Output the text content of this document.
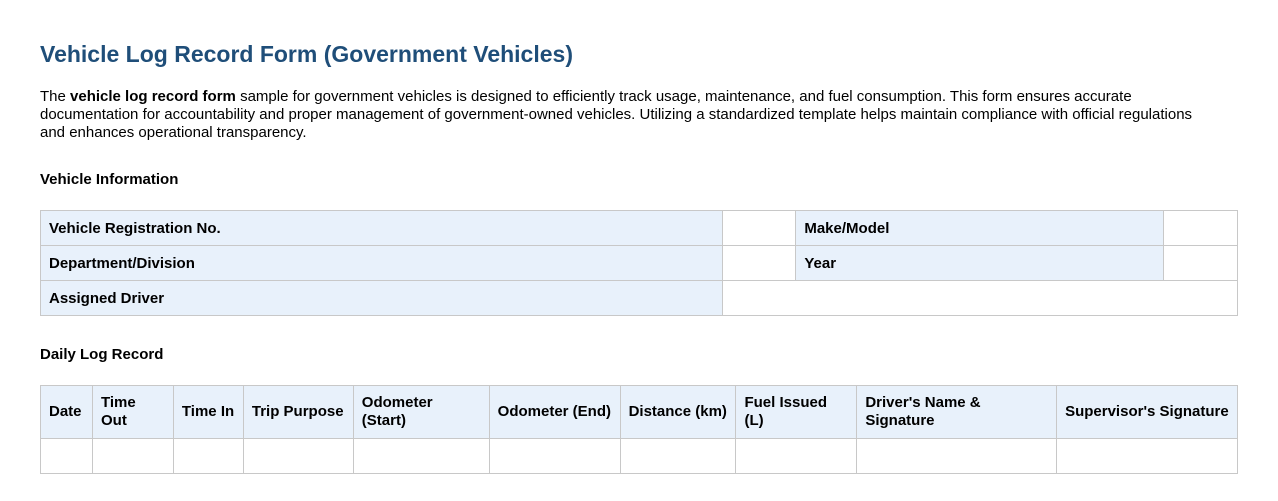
Vehicle Log Record Form (Government Vehicles)

The vehicle log record form sample for government vehicles is designed to efficiently track usage, maintenance, and fuel consumption. This form ensures accurate documentation for accountability and proper management of government-owned vehicles. Utilizing a standardized template helps maintain compliance with official regulations and enhances operational transparency.

Vehicle Information
Vehicle Registration No.		Make/Model	
Department/Division		Year	
Assigned Driver			
Daily Log Record
Date	Time Out	Time In	Trip Purpose	Odometer (Start)	Odometer (End)	Distance (km)	Fuel Issued (L)	Driver's Name & Signature	Supervisor's Signature
